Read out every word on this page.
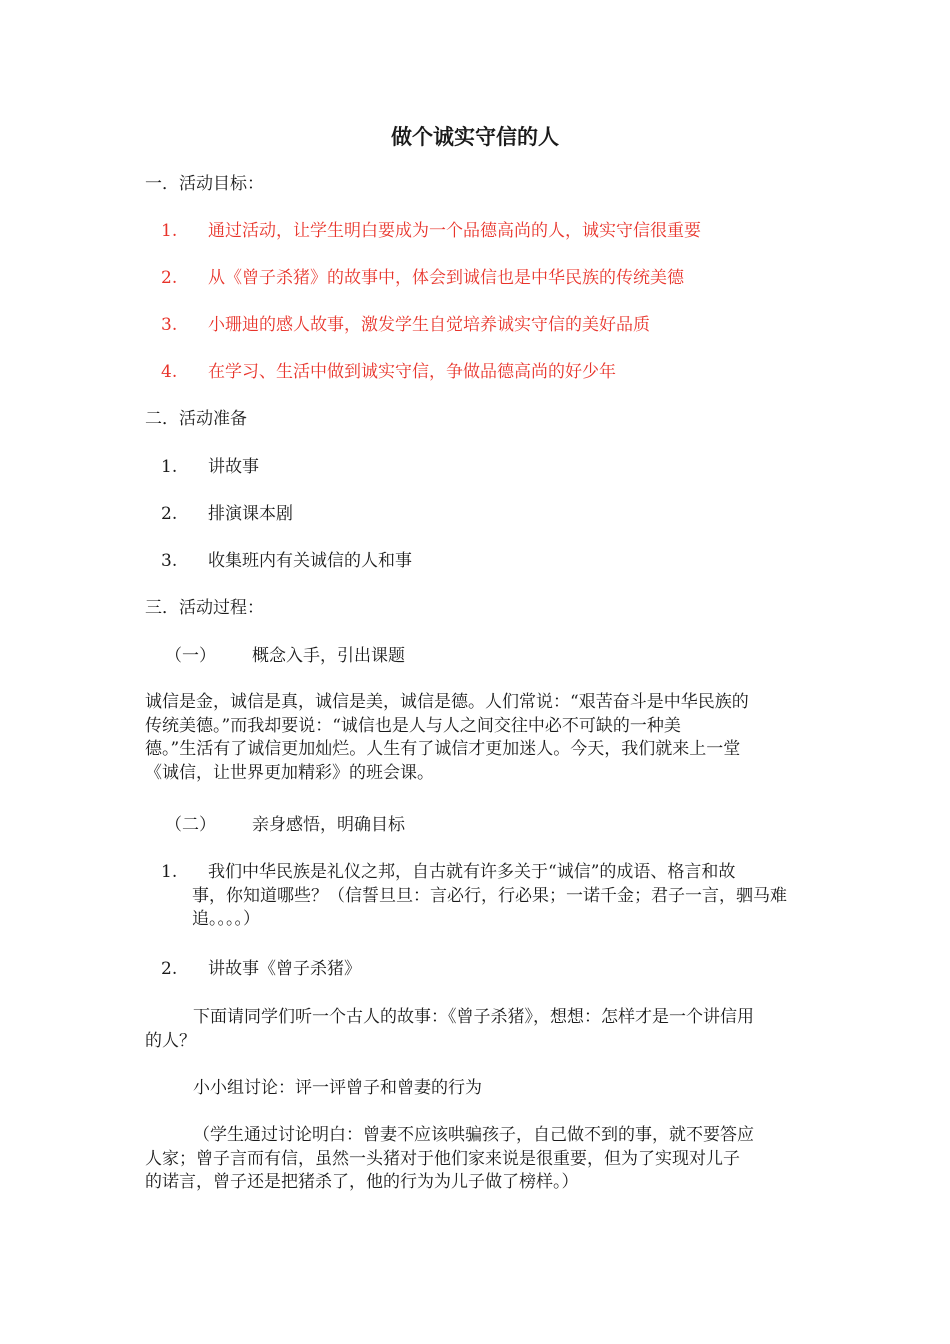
做个诚实守信的人
一．活动目标：
1. 通过活动，让学生明白要成为一个品德高尚的人，诚实守信很重要
2. 从《曾子杀猪》的故事中，体会到诚信也是中华民族的传统美德
3. 小珊迪的感人故事，激发学生自觉培养诚实守信的美好品质
4. 在学习、生活中做到诚实守信，争做品德高尚的好少年
二．活动准备
1. 讲故事
2. 排演课本剧
3. 收集班内有关诚信的人和事
三．活动过程：
（一） 概念入手，引出课题
诚信是金，诚信是真，诚信是美，诚信是德。人们常说：“艰苦奋斗是中华民族的
传统美德。”而我却要说：“诚信也是人与人之间交往中必不可缺的一种美
德。”生活有了诚信更加灿烂。人生有了诚信才更加迷人。今天，我们就来上一堂
《诚信，让世界更加精彩》的班会课。
（二） 亲身感悟，明确目标
1.	我们中华民族是礼仪之邦，自古就有许多关于“诚信”的成语、格言和故
事，你知道哪些？（信誓旦旦：言必行，行必果；一诺千金；君子一言，驷马难
追。。。。）
2. 讲故事《曾子杀猪》
下面请同学们听一个古人的故事：《曾子杀猪》，想想：怎样才是一个讲信用
的人？
小小组讨论：评一评曾子和曾妻的行为
（学生通过讨论明白：曾妻不应该哄骗孩子，自己做不到的事，就不要答应
人家；曾子言而有信，虽然一头猪对于他们家来说是很重要，但为了实现对儿子
的诺言，曾子还是把猪杀了，他的行为为儿子做了榜样。）
